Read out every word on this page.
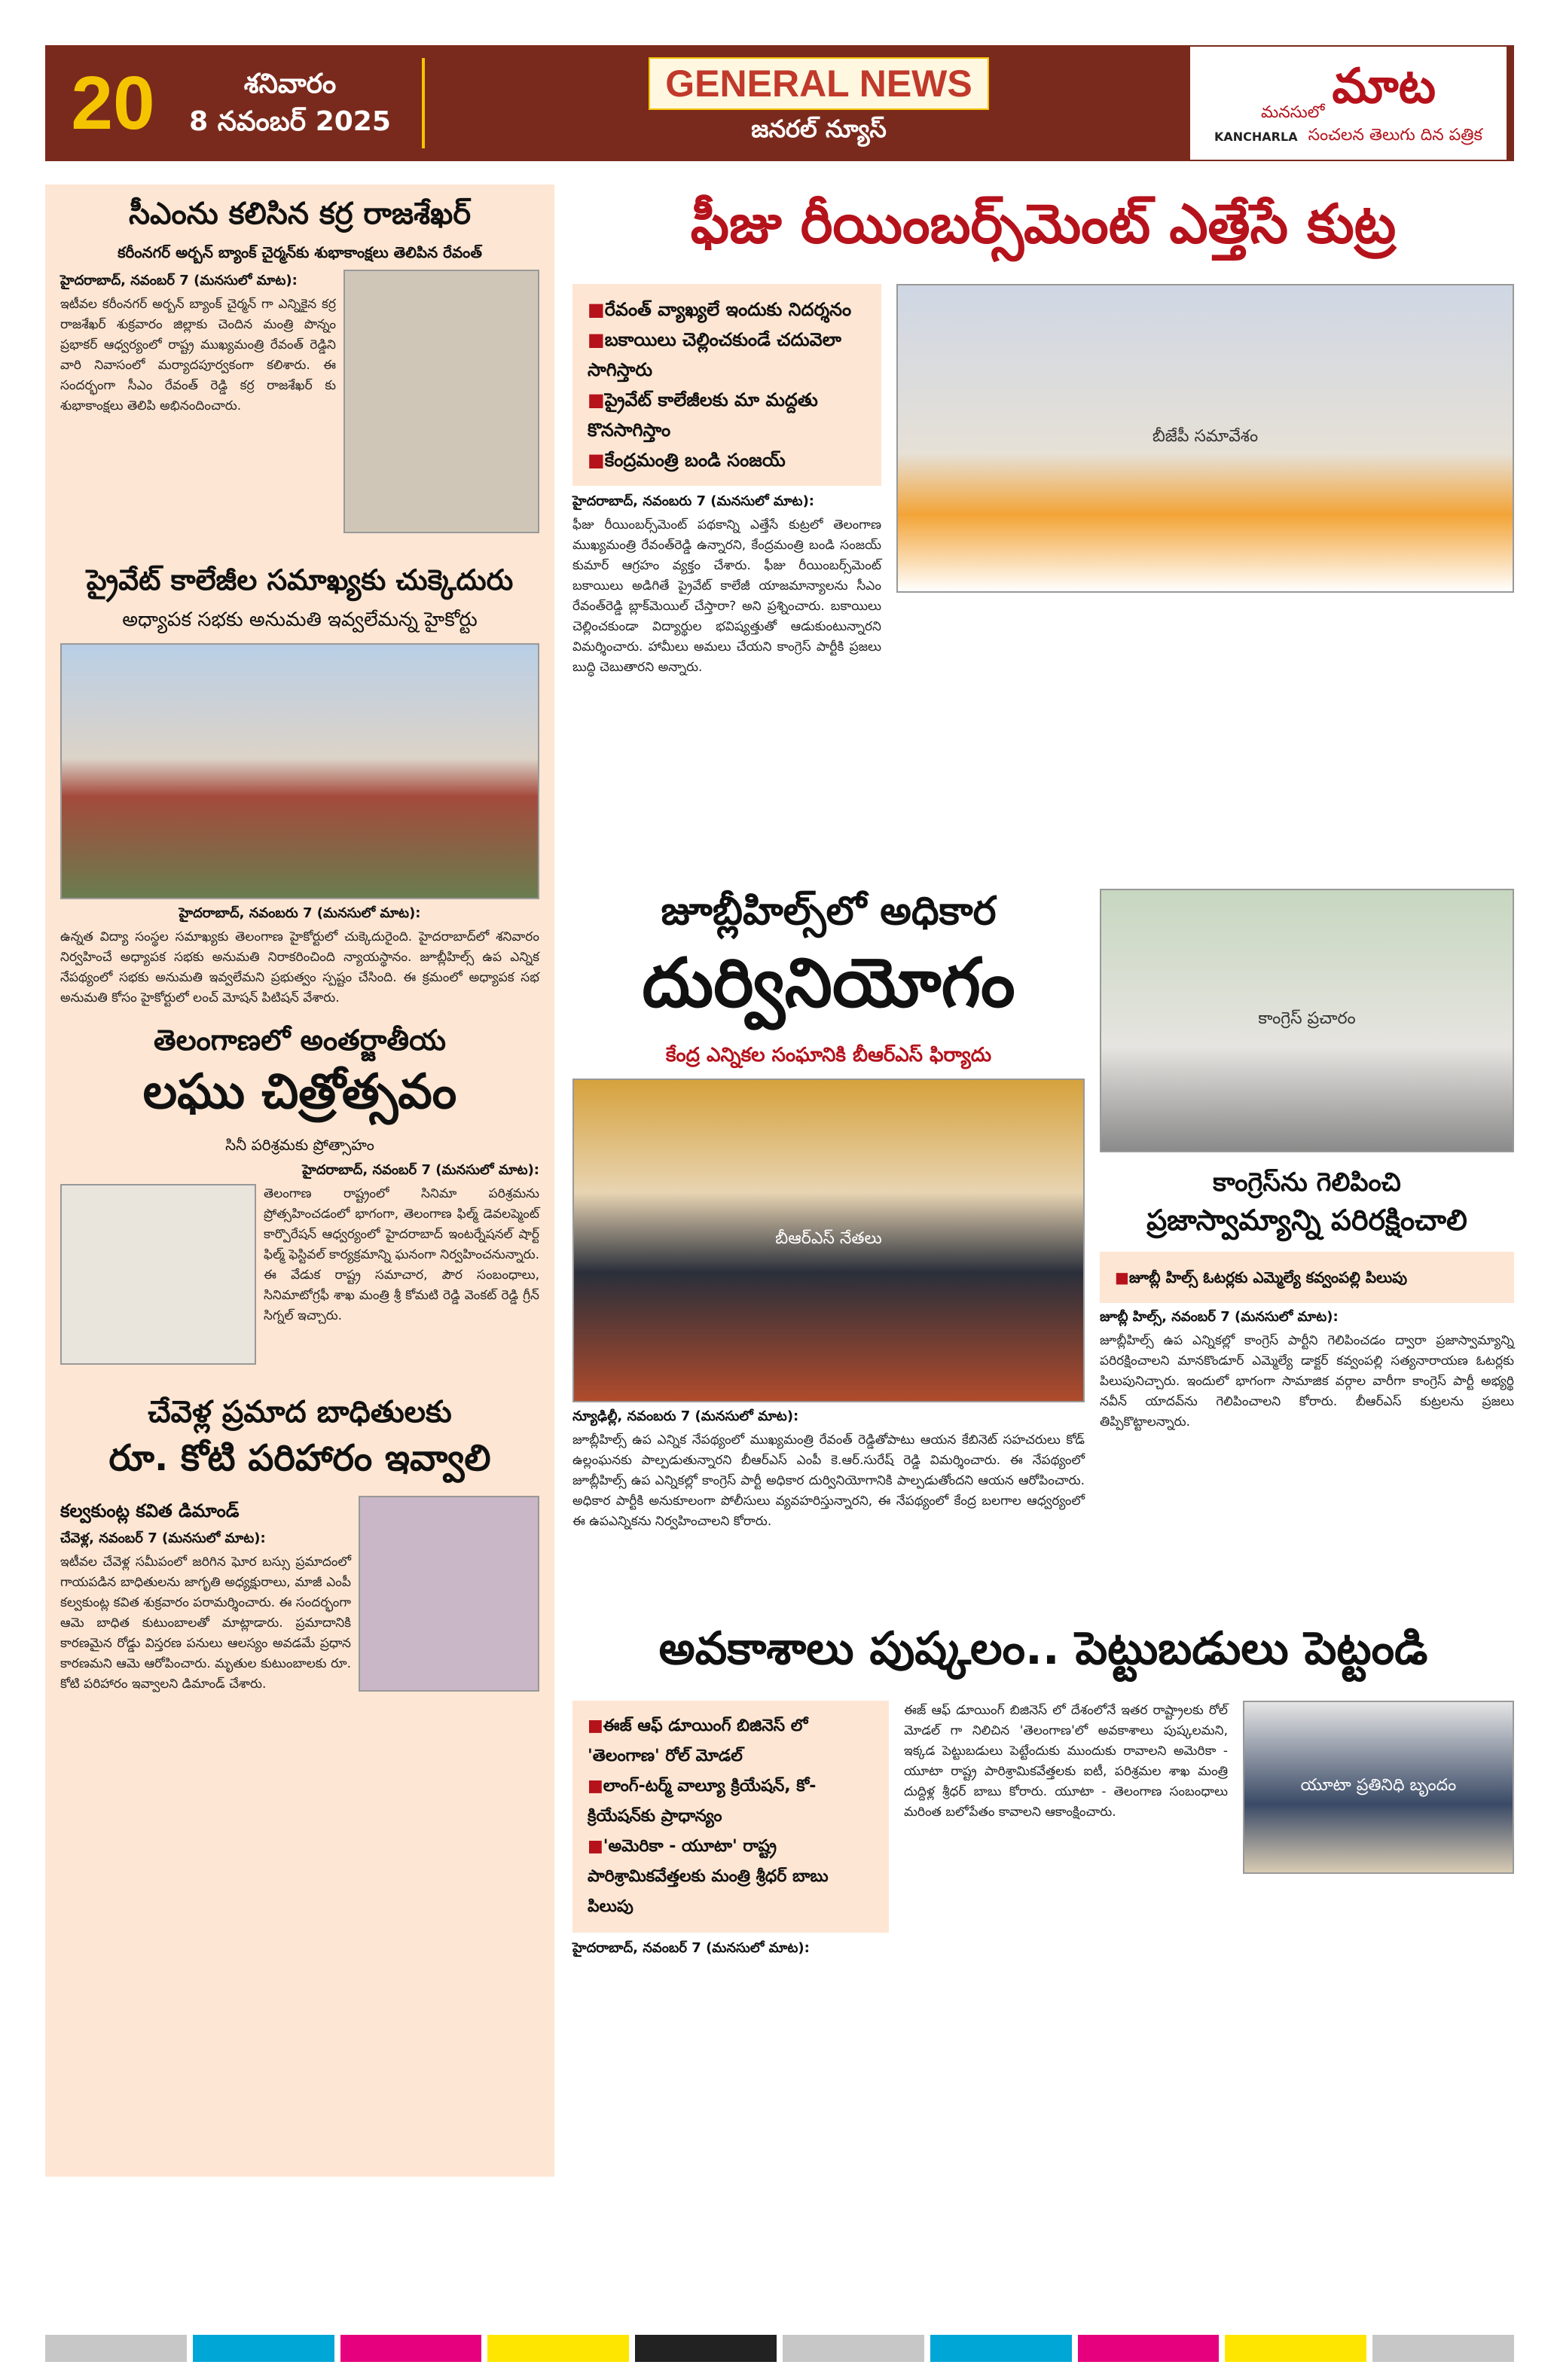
20	శనివారం
8 నవంబర్ 2025
GENERAL NEWS
జనరల్ న్యూస్
మనసులో మాట
KANCHARLA సంచలన తెలుగు దిన పత్రిక
సీఎంను కలిసిన కర్ర రాజశేఖర్
కరీంనగర్ అర్బన్ బ్యాంక్ చైర్మన్‌కు శుభాకాంక్షలు తెలిపిన రేవంత్
హైదరాబాద్, నవంబర్ 7 (మనసులో మాట):
ఇటీవల కరీంనగర్ అర్బన్ బ్యాంక్ చైర్మన్ గా ఎన్నికైన కర్ర రాజశేఖర్ శుక్రవారం జిల్లాకు చెందిన మంత్రి పొన్నం ప్రభాకర్ ఆధ్వర్యంలో రాష్ట్ర ముఖ్యమంత్రి రేవంత్ రెడ్డిని వారి నివాసంలో మర్యాదపూర్వకంగా కలిశారు. ఈ సందర్భంగా సీఎం రేవంత్ రెడ్డి కర్ర రాజశేఖర్ కు శుభాకాంక్షలు తెలిపి అభినందించారు.
ప్రైవేట్ కాలేజీల సమాఖ్యకు చుక్కెదురు
అధ్యాపక సభకు అనుమతి ఇవ్వలేమన్న హైకోర్టు
హైదరాబాద్, నవంబరు 7 (మనసులో మాట):
ఉన్నత విద్యా సంస్థల సమాఖ్యకు తెలంగాణ హైకోర్టులో చుక్కెదురైంది. హైదరాబాద్‌లో శనివారం నిర్వహించే అధ్యాపక సభకు అనుమతి నిరాకరించింది న్యాయస్థానం. జూబ్లీహిల్స్ ఉప ఎన్నిక నేపథ్యంలో సభకు అనుమతి ఇవ్వలేమని ప్రభుత్వం స్పష్టం చేసింది. ఈ క్రమంలో అధ్యాపక సభ అనుమతి కోసం హైకోర్టులో లంచ్ మోషన్ పిటిషన్ వేశారు.
తెలంగాణలో అంతర్జాతీయ
లఘు చిత్రోత్సవం
సినీ పరిశ్రమకు ప్రోత్సాహం
హైదరాబాద్, నవంబర్ 7 (మనసులో మాట):
తెలంగాణ రాష్ట్రంలో సినిమా పరిశ్రమను ప్రోత్సహించడంలో భాగంగా, తెలంగాణ ఫిల్మ్ డెవలప్మెంట్ కార్పొరేషన్ ఆధ్వర్యంలో హైదరాబాద్ ఇంటర్నేషనల్ షార్ట్ ఫిల్మ్ ఫెస్టివల్ కార్యక్రమాన్ని ఘనంగా నిర్వహించనున్నారు. ఈ వేడుక రాష్ట్ర సమాచార, పౌర సంబంధాలు, సినిమాటోగ్రఫీ శాఖ మంత్రి శ్రీ కోమటి రెడ్డి వెంకట్ రెడ్డి గ్రీన్ సిగ్నల్ ఇచ్చారు.
చేవెళ్ల ప్రమాద బాధితులకు
రూ. కోటి పరిహారం ఇవ్వాలి
కల్వకుంట్ల కవిత డిమాండ్
చేవెళ్ల, నవంబర్ 7 (మనసులో మాట):
ఇటీవల చేవెళ్ల సమీపంలో జరిగిన ఘోర బస్సు ప్రమాదంలో గాయపడిన బాధితులను జాగృతి అధ్యక్షురాలు, మాజీ ఎంపీ కల్వకుంట్ల కవిత శుక్రవారం పరామర్శించారు. ఈ సందర్భంగా ఆమె బాధిత కుటుంబాలతో మాట్లాడారు. ప్రమాదానికి కారణమైన రోడ్డు విస్తరణ పనులు ఆలస్యం అవడమే ప్రధాన కారణమని ఆమె ఆరోపించారు. మృతుల కుటుంబాలకు రూ. కోటి పరిహారం ఇవ్వాలని డిమాండ్ చేశారు.
ఫీజు రీయింబర్స్‌మెంట్ ఎత్తేసే కుట్ర
■ రేవంత్ వ్యాఖ్యలే ఇందుకు నిదర్శనం
■ బకాయిలు చెల్లించకుండే చదువెలా సాగిస్తారు
■ ప్రైవేట్ కాలేజీలకు మా మద్దతు కొనసాగిస్తాం
■ కేంద్రమంత్రి బండి సంజయ్
హైదరాబాద్, నవంబరు 7 (మనసులో మాట):
ఫీజు రీయింబర్స్‌మెంట్ పథకాన్ని ఎత్తేసే కుట్రలో తెలంగాణ ముఖ్యమంత్రి రేవంత్‌రెడ్డి ఉన్నారని, కేంద్రమంత్రి బండి సంజయ్ కుమార్ ఆగ్రహం వ్యక్తం చేశారు. ఫీజు రీయింబర్స్‌మెంట్ బకాయిలు అడిగితే ప్రైవేట్ కాలేజీ యాజమాన్యాలను సీఎం రేవంత్‌రెడ్డి బ్లాక్‌మెయిల్ చేస్తారా? అని ప్రశ్నించారు. బకాయిలు చెల్లించకుండా విద్యార్థుల భవిష్యత్తుతో ఆడుకుంటున్నారని విమర్శించారు. హామీలు అమలు చేయని కాంగ్రెస్ పార్టీకి ప్రజలు బుద్ధి చెబుతారని అన్నారు.
బీజేపీ సమావేశం
జూబ్లీహిల్స్‌లో అధికార
దుర్వినియోగం
కేంద్ర ఎన్నికల సంఘానికి బీఆర్ఎస్ ఫిర్యాదు
బీఆర్ఎస్ నేతలు
న్యూఢిల్లీ, నవంబరు 7 (మనసులో మాట):
జూబ్లీహిల్స్ ఉప ఎన్నిక నేపథ్యంలో ముఖ్యమంత్రి రేవంత్ రెడ్డితోపాటు ఆయన కేబినెట్ సహచరులు కోడ్ ఉల్లంఘనకు పాల్పడుతున్నారని బీఆర్ఎస్ ఎంపీ కె.ఆర్.సురేష్ రెడ్డి విమర్శించారు. ఈ నేపథ్యంలో జూబ్లీహిల్స్ ఉప ఎన్నికల్లో కాంగ్రెస్ పార్టీ అధికార దుర్వినియోగానికి పాల్పడుతోందని ఆయన ఆరోపించారు. అధికార పార్టీకి అనుకూలంగా పోలీసులు వ్యవహరిస్తున్నారని, ఈ నేపథ్యంలో కేంద్ర బలగాల ఆధ్వర్యంలో ఈ ఉపఎన్నికను నిర్వహించాలని కోరారు.
కాంగ్రెస్ ప్రచారం
కాంగ్రెస్‌ను గెలిపించి
ప్రజాస్వామ్యాన్ని పరిరక్షించాలి
■ జూబ్లీ హిల్స్ ఓటర్లకు ఎమ్మెల్యే కవ్వంపల్లి పిలుపు
జూబ్లీ హిల్స్, నవంబర్ 7 (మనసులో మాట):
జూబ్లీహిల్స్ ఉప ఎన్నికల్లో కాంగ్రెస్ పార్టీని గెలిపించడం ద్వారా ప్రజాస్వామ్యాన్ని పరిరక్షించాలని మానకొండూర్ ఎమ్మెల్యే డాక్టర్ కవ్వంపల్లి సత్యనారాయణ ఓటర్లకు పిలుపునిచ్చారు. ఇందులో భాగంగా సామాజిక వర్గాల వారీగా కాంగ్రెస్ పార్టీ అభ్యర్థి నవీన్ యాదవ్‌ను గెలిపించాలని కోరారు. బీఆర్ఎస్ కుట్రలను ప్రజలు తిప్పికొట్టాలన్నారు.
అవకాశాలు పుష్కలం.. పెట్టుబడులు పెట్టండి
■ ఈజ్ ఆఫ్ డూయింగ్ బిజినెస్ లో 'తెలంగాణ' రోల్ మోడల్
■ లాంగ్-టర్మ్ వాల్యూ క్రియేషన్, కో-క్రియేషన్‌కు ప్రాధాన్యం
■ 'అమెరికా - యూటా' రాష్ట్ర పారిశ్రామికవేత్తలకు మంత్రి శ్రీధర్ బాబు పిలుపు
హైదరాబాద్, నవంబర్ 7 (మనసులో మాట):
ఈజ్ ఆఫ్ డూయింగ్ బిజినెస్ లో దేశంలోనే ఇతర రాష్ట్రాలకు రోల్ మోడల్ గా నిలిచిన 'తెలంగాణ'లో అవకాశాలు పుష్కలమని, ఇక్కడ పెట్టుబడులు పెట్టేందుకు ముందుకు రావాలని అమెరికా - యూటా రాష్ట్ర పారిశ్రామికవేత్తలకు ఐటీ, పరిశ్రమల శాఖ మంత్రి దుద్దిళ్ల శ్రీధర్ బాబు కోరారు. యూటా - తెలంగాణ సంబంధాలు మరింత బలోపేతం కావాలని ఆకాంక్షించారు.
యూటా ప్రతినిధి బృందం
